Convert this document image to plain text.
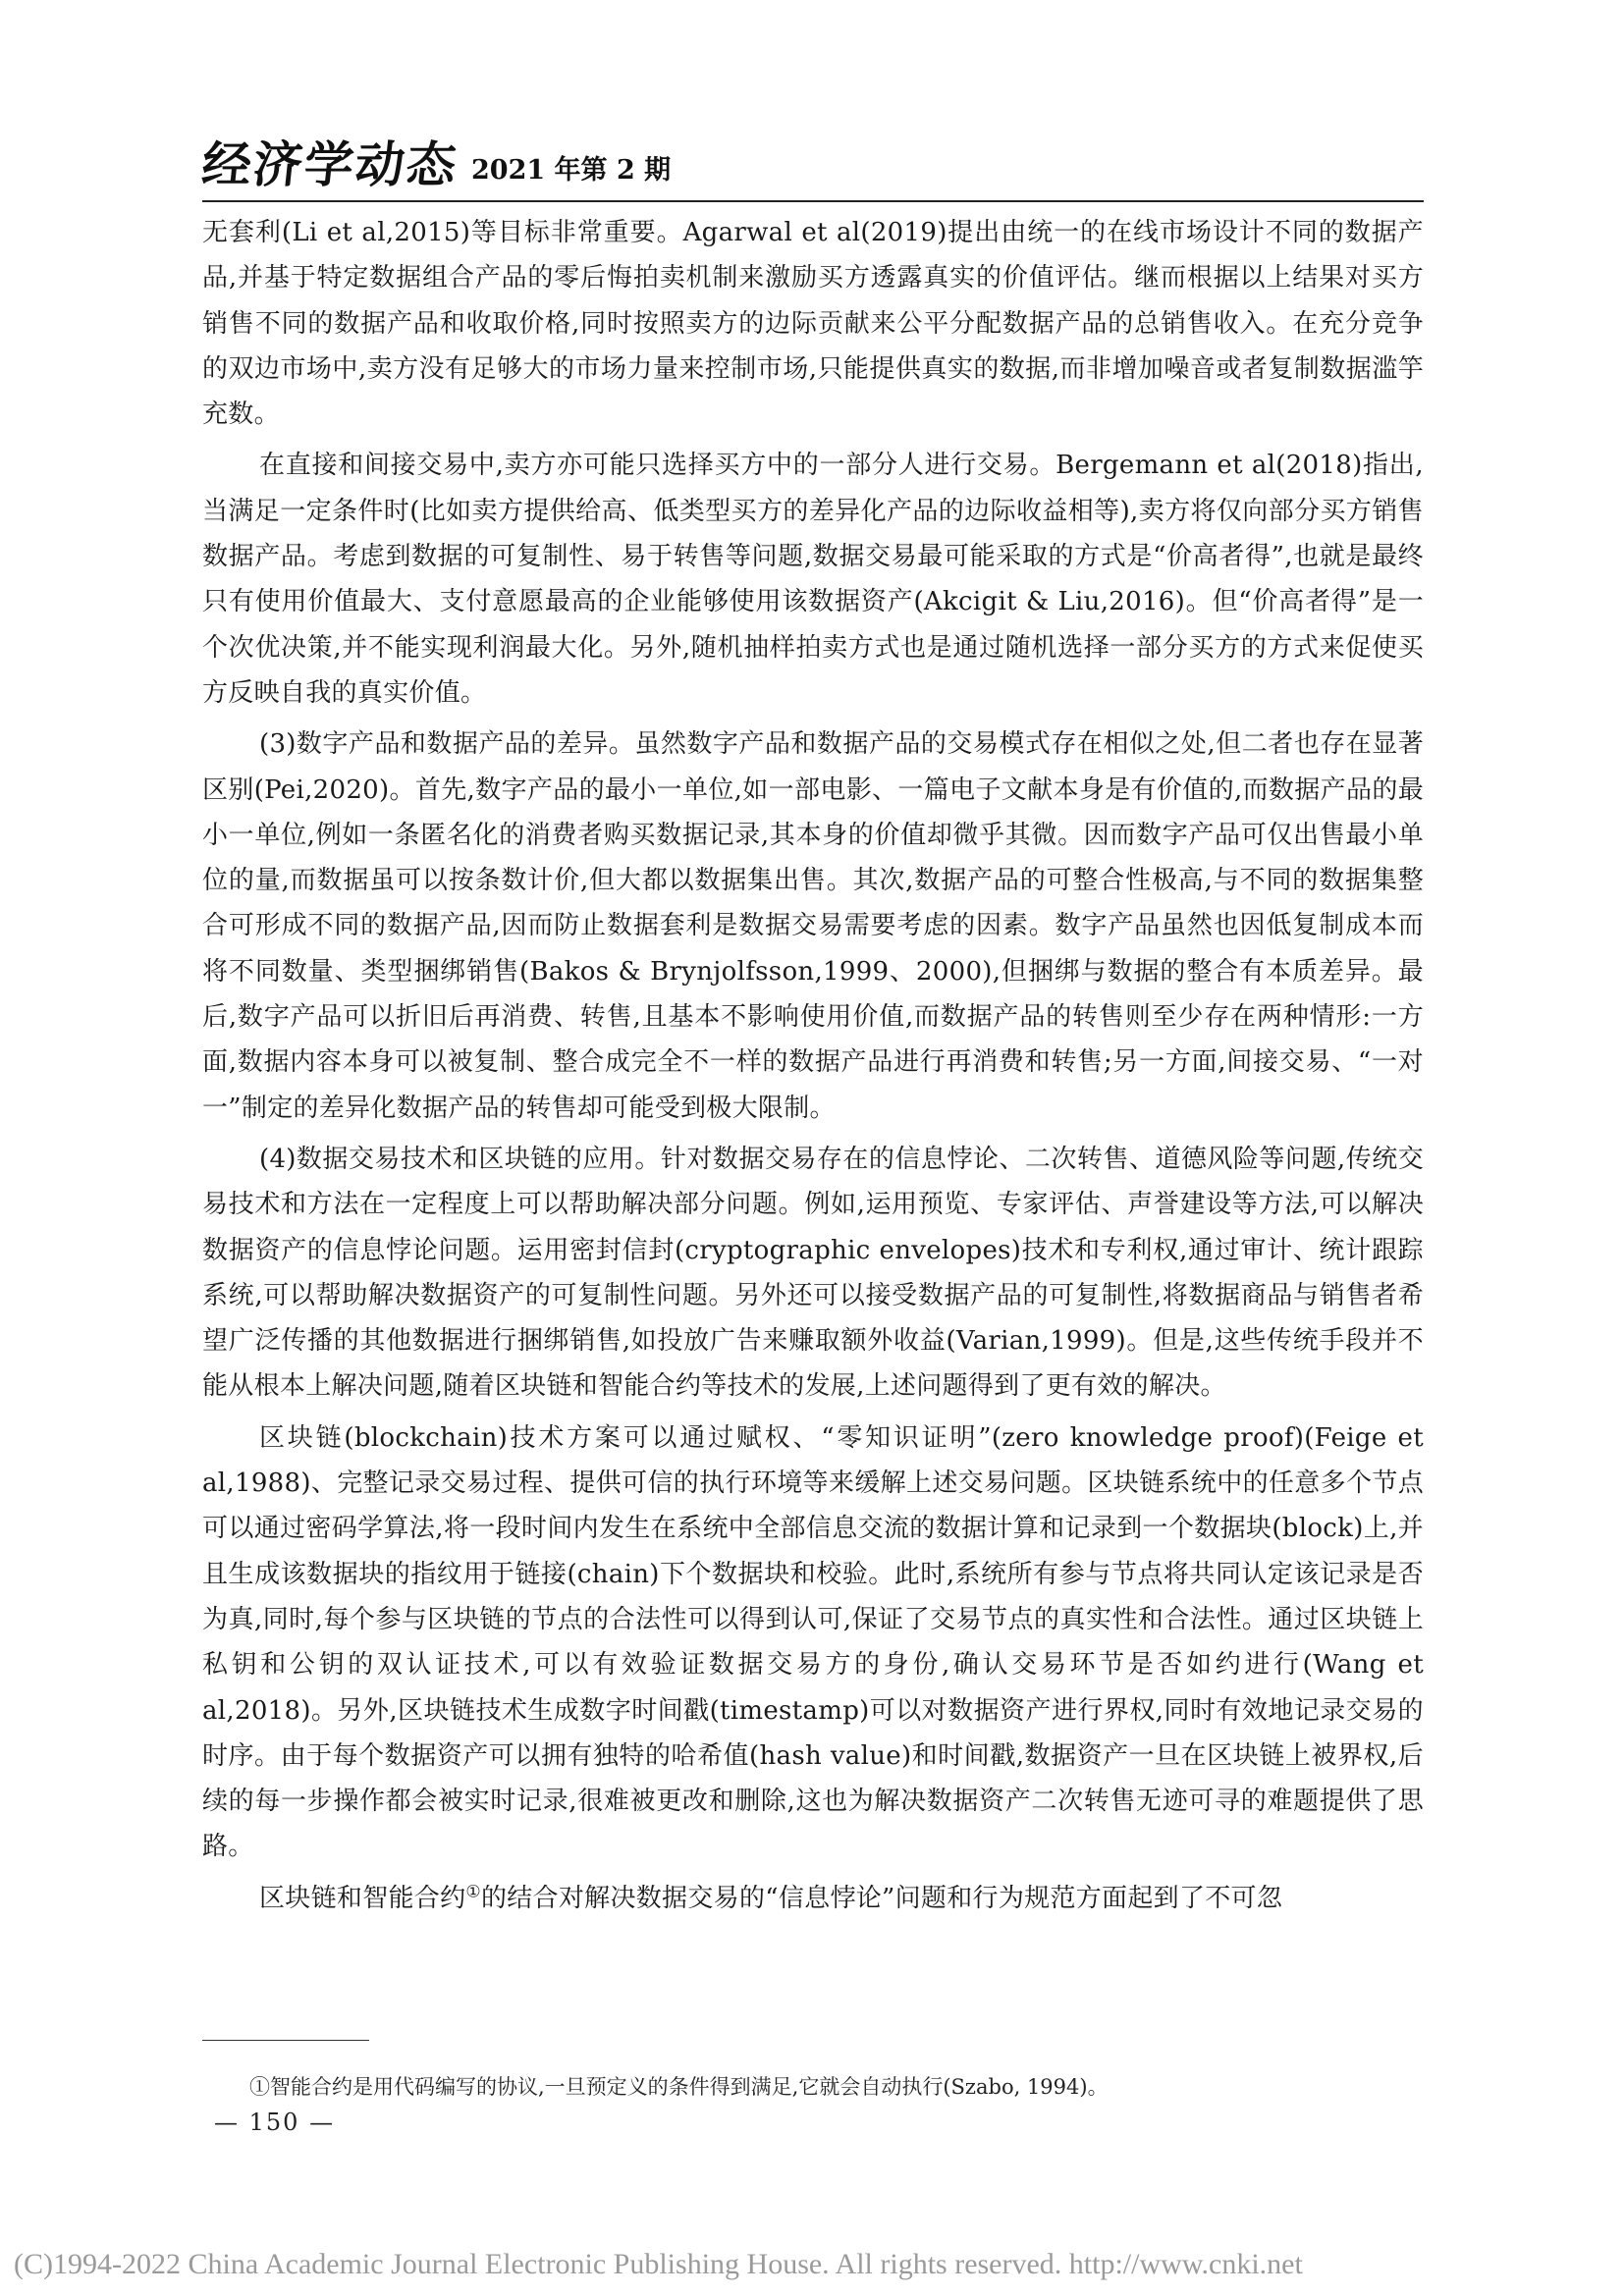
经济学动态 2021 年第 2 期

无套利(Li et al,2015)等目标非常重要。Agarwal et al(2019)提出由统一的在线市场设计不同的数据产品,并基于特定数据组合产品的零后悔拍卖机制来激励买方透露真实的价值评估。继而根据以上结果对买方销售不同的数据产品和收取价格,同时按照卖方的边际贡献来公平分配数据产品的总销售收入。在充分竞争的双边市场中,卖方没有足够大的市场力量来控制市场,只能提供真实的数据,而非增加噪音或者复制数据滥竽充数。

在直接和间接交易中,卖方亦可能只选择买方中的一部分人进行交易。Bergemann et al(2018)指出,当满足一定条件时(比如卖方提供给高、低类型买方的差异化产品的边际收益相等),卖方将仅向部分买方销售数据产品。考虑到数据的可复制性、易于转售等问题,数据交易最可能采取的方式是“价高者得”,也就是最终只有使用价值最大、支付意愿最高的企业能够使用该数据资产(Akcigit & Liu,2016)。但“价高者得”是一个次优决策,并不能实现利润最大化。另外,随机抽样拍卖方式也是通过随机选择一部分买方的方式来促使买方反映自我的真实价值。

(3)数字产品和数据产品的差异。虽然数字产品和数据产品的交易模式存在相似之处,但二者也存在显著区别(Pei,2020)。首先,数字产品的最小一单位,如一部电影、一篇电子文献本身是有价值的,而数据产品的最小一单位,例如一条匿名化的消费者购买数据记录,其本身的价值却微乎其微。因而数字产品可仅出售最小单位的量,而数据虽可以按条数计价,但大都以数据集出售。其次,数据产品的可整合性极高,与不同的数据集整合可形成不同的数据产品,因而防止数据套利是数据交易需要考虑的因素。数字产品虽然也因低复制成本而将不同数量、类型捆绑销售(Bakos & Brynjolfsson,1999、2000),但捆绑与数据的整合有本质差异。最后,数字产品可以折旧后再消费、转售,且基本不影响使用价值,而数据产品的转售则至少存在两种情形:一方面,数据内容本身可以被复制、整合成完全不一样的数据产品进行再消费和转售;另一方面,间接交易、“一对一”制定的差异化数据产品的转售却可能受到极大限制。

(4)数据交易技术和区块链的应用。针对数据交易存在的信息悖论、二次转售、道德风险等问题,传统交易技术和方法在一定程度上可以帮助解决部分问题。例如,运用预览、专家评估、声誉建设等方法,可以解决数据资产的信息悖论问题。运用密封信封(cryptographic envelopes)技术和专利权,通过审计、统计跟踪系统,可以帮助解决数据资产的可复制性问题。另外还可以接受数据产品的可复制性,将数据商品与销售者希望广泛传播的其他数据进行捆绑销售,如投放广告来赚取额外收益(Varian,1999)。但是,这些传统手段并不能从根本上解决问题,随着区块链和智能合约等技术的发展,上述问题得到了更有效的解决。

区块链(blockchain)技术方案可以通过赋权、“零知识证明”(zero knowledge proof)(Feige et al,1988)、完整记录交易过程、提供可信的执行环境等来缓解上述交易问题。区块链系统中的任意多个节点可以通过密码学算法,将一段时间内发生在系统中全部信息交流的数据计算和记录到一个数据块(block)上,并且生成该数据块的指纹用于链接(chain)下个数据块和校验。此时,系统所有参与节点将共同认定该记录是否为真,同时,每个参与区块链的节点的合法性可以得到认可,保证了交易节点的真实性和合法性。通过区块链上私钥和公钥的双认证技术,可以有效验证数据交易方的身份,确认交易环节是否如约进行(Wang et al,2018)。另外,区块链技术生成数字时间戳(timestamp)可以对数据资产进行界权,同时有效地记录交易的时序。由于每个数据资产可以拥有独特的哈希值(hash value)和时间戳,数据资产一旦在区块链上被界权,后续的每一步操作都会被实时记录,很难被更改和删除,这也为解决数据资产二次转售无迹可寻的难题提供了思路。

区块链和智能合约①的结合对解决数据交易的“信息悖论”问题和行为规范方面起到了不可忽

①智能合约是用代码编写的协议,一旦预定义的条件得到满足,它就会自动执行(Szabo, 1994)。
— 150 —
(C)1994-2022 China Academic Journal Electronic Publishing House. All rights reserved. http://www.cnki.net
